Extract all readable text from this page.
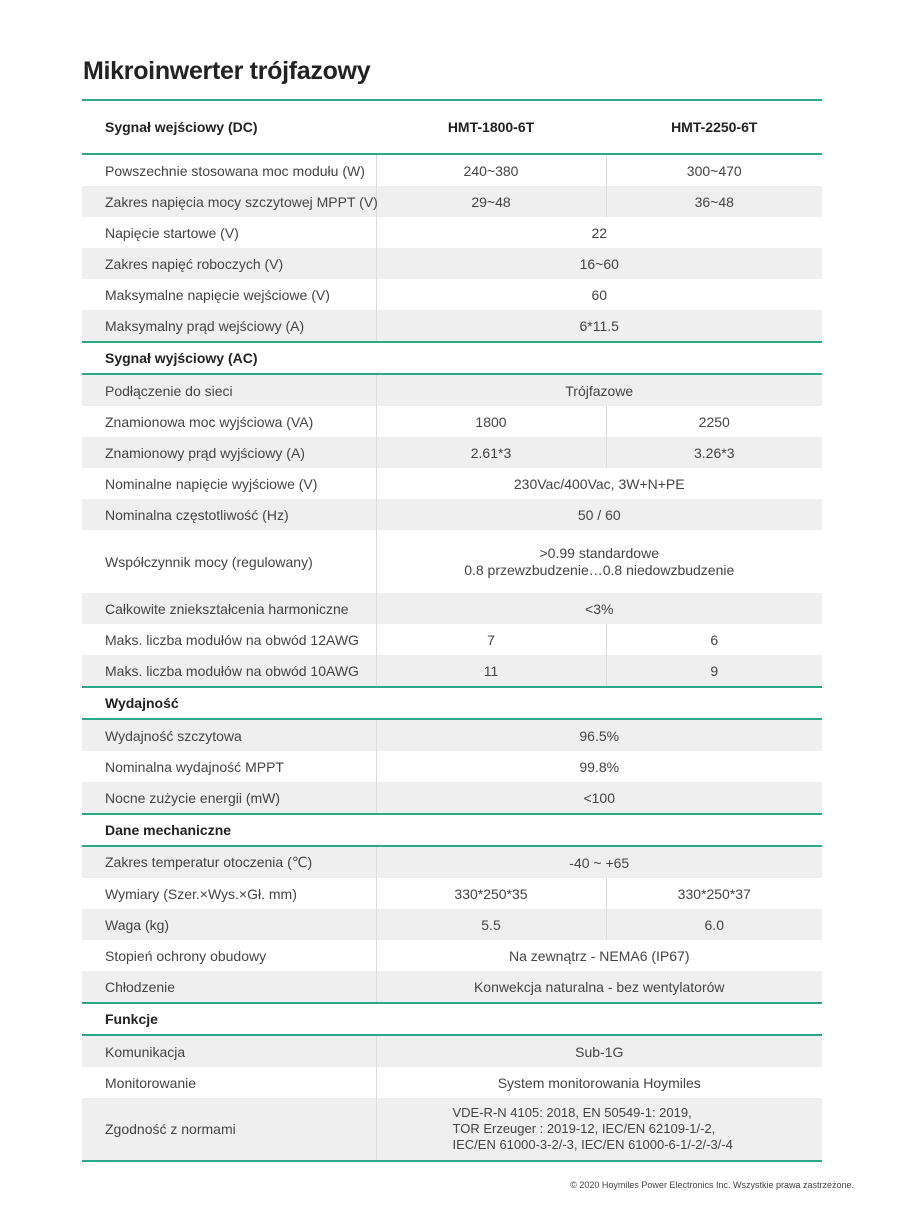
Mikroinwerter trójfazowy
Sygnał wejściowy (DC)	HMT-1800-6T	HMT-2250-6T
Powszechnie stosowana moc modułu (W)	240~380	300~470
Zakres napięcia mocy szczytowej MPPT (V)	29~48	36~48
Napięcie startowe (V)	22	
Zakres napięć roboczych (V)	16~60	
Maksymalne napięcie wejściowe (V)	60	
Maksymalny prąd wejściowy (A)	6*11.5	
Sygnał wyjściowy (AC)		
Podłączenie do sieci	Trójfazowe	
Znamionowa moc wyjściowa (VA)	1800	2250
Znamionowy prąd wyjściowy (A)	2.61*3	3.26*3
Nominalne napięcie wyjściowe (V)	230Vac/400Vac, 3W+N+PE	
Nominalna częstotliwość (Hz)	50 / 60	
Współczynnik mocy (regulowany)	>0.99 standardowe
0.8 przewzbudzenie…0.8 niedowzbudzenie	

Całkowite zniekształcenia harmoniczne	<3%	
Maks. liczba modułów na obwód 12AWG	7	6
Maks. liczba modułów na obwód 10AWG	11	9
Wydajność		
Wydajność szczytowa	96.5%	
Nominalna wydajność MPPT	99.8%	
Nocne zużycie energii (mW)	<100	
Dane mechaniczne		
Zakres temperatur otoczenia (℃)	-40 ~ +65	
Wymiary (Szer.×Wys.×Gł. mm)	330*250*35	330*250*37
Waga (kg)	5.5	6.0
Stopień ochrony obudowy	Na zewnątrz - NEMA6 (IP67)	
Chłodzenie	Konwekcja naturalna - bez wentylatorów	
Funkcje		
Komunikacja	Sub-1G	
Monitorowanie	System monitorowania Hoymiles	
Zgodność z normami	VDE-R-N 4105: 2018, EN 50549-1: 2019,
TOR Erzeuger : 2019-12, IEC/EN 62109-1/-2,
IEC/EN 61000-3-2/-3, IEC/EN 61000-6-1/-2/-3/-4	
© 2020 Hoymiles Power Electronics Inc. Wszystkie prawa zastrzeżone.
